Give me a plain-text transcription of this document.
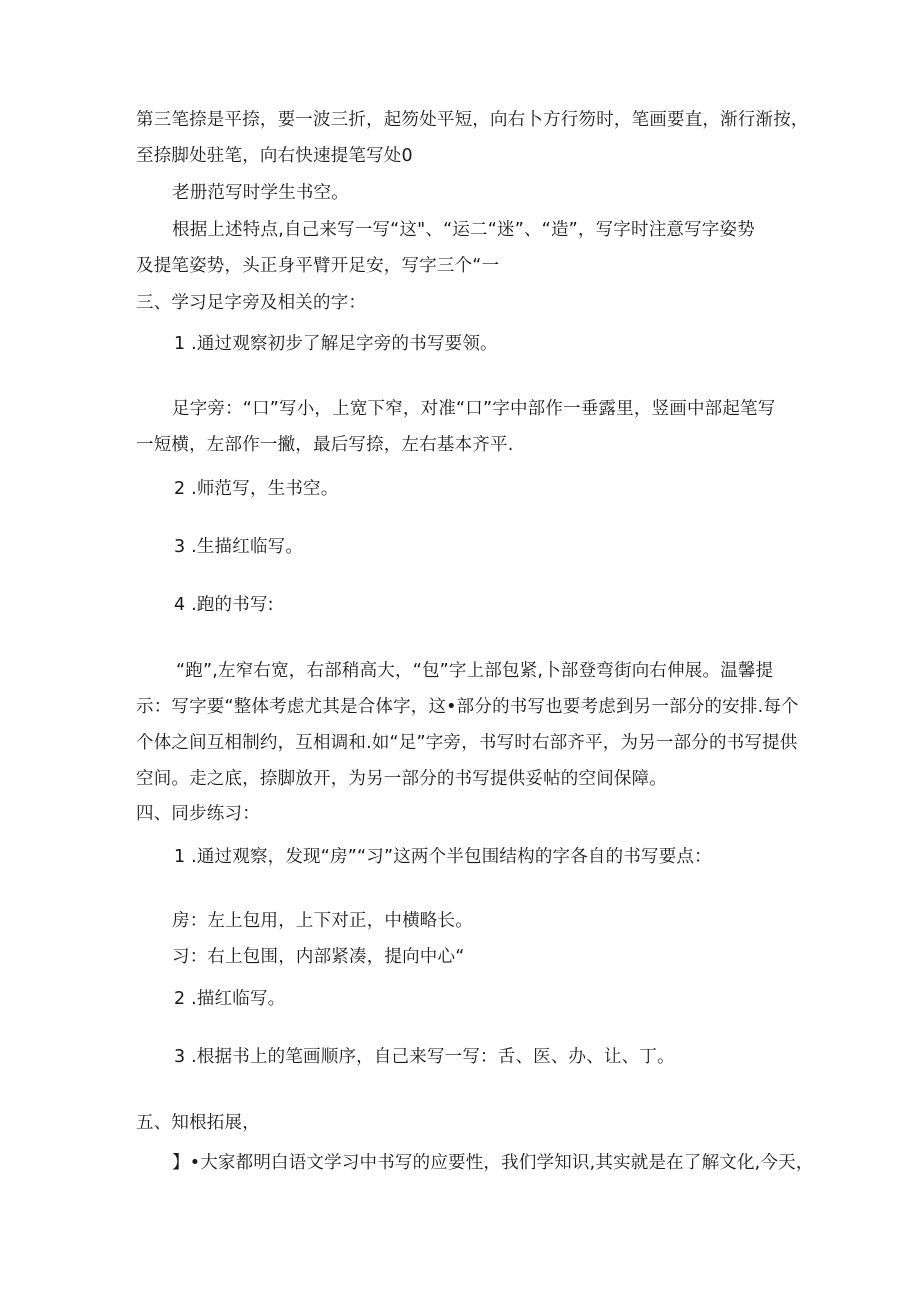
第三笔捺是平捺，要一波三折，起笏处平短，向右卜方行笏时，笔画要直，渐行渐按，

至捺脚处驻笔，向右快速提笔写处0

老册范写时学生书空。

根据上述特点,自己来写一写“这"、“运二“迷”、“造”，写字时注意写字姿势

及提笔姿势，头正身平臂开足安，写字三个“一

三、学习足字旁及相关的字：

1 .通过观察初步了解足字旁的书写要领。

足字旁：“口”写小，上宽下窄，对准“口”字中部作一垂露里，竖画中部起笔写

一短横，左部作一撇，最后写捺，左右基本齐平.

2 .师范写，生书空。

3 .生描红临写。

4 .跑的书写:

“跑”,左窄右宽，右部稍高大，“包”字上部包紧,卜部登弯街向右伸展。温馨提

示：写字要“整体考虑尤其是合体字，这•部分的书写也要考虑到另一部分的安排.每个

个体之间互相制约，互相调和.如“足”字旁，书写时右部齐平，为另一部分的书写提供

空间。走之底，捺脚放开，为另一部分的书写提供妥帖的空间保障。

四、同步练习：

1 .通过观察，发现“房”“习”这两个半包围结构的字各自的书写要点：

房：左上包用，上下对正，中横略长。

习：右上包围，内部紧凑，提向中心“

2 .描红临写。

3 .根据书上的笔画顺序，自己来写一写：舌、医、办、让、丁。

五、知根拓展，

】•大家都明白语文学习中书写的应要性，我们学知识,其实就是在了解文化,今天，
